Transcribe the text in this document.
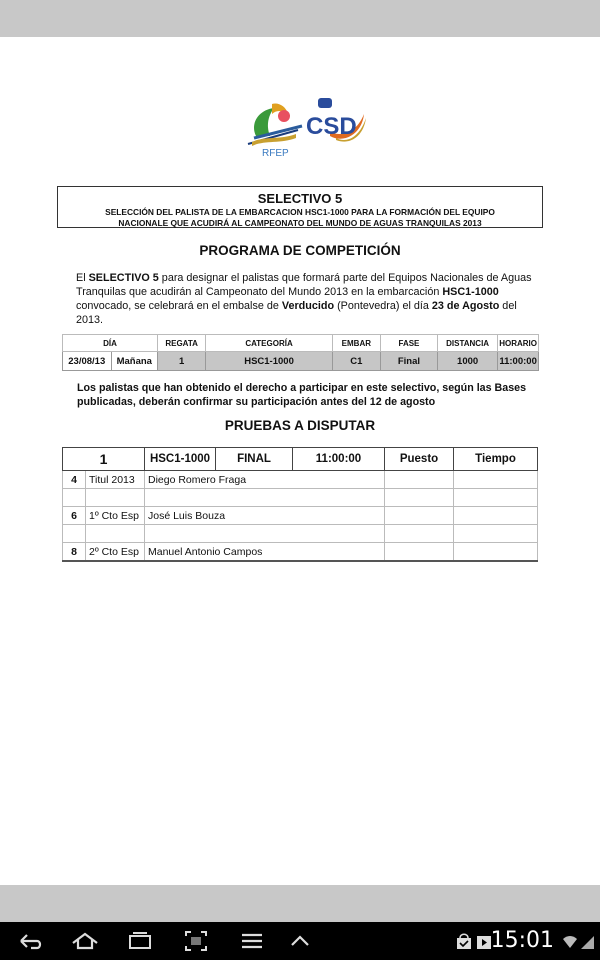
RFEP
CSD
SELECTIVO 5
SELECCIÓN DEL PALISTA DE LA EMBARCACION HSC1-1000 PARA LA FORMACIÓN DEL EQUIPO
NACIONALE QUE ACUDIRÁ AL CAMPEONATO DEL MUNDO DE AGUAS TRANQUILAS 2013
PROGRAMA DE COMPETICIÓN
El SELECTIVO 5 para designar el palistas que formará parte del Equipos Nacionales de Aguas Tranquilas que acudirán al Campeonato del Mundo 2013 en la embarcación HSC1-1000 convocado, se celebrará en el embalse de Verducido (Pontevedra) el día 23 de Agosto del 2013.
DÍA		REGATA	CATEGORÍA	EMBAR	FASE	DISTANCIA	HORARIO
23/08/13	Mañana	1	HSC1-1000	C1	Final	1000	11:00:00
Los palistas que han obtenido el derecho a participar en este selectivo, según las Bases publicadas, deberán confirmar su participación antes del 12 de agosto
PRUEBAS A DISPUTAR
1		HSC1-1000	FINAL	11:00:00	Puesto	Tiempo
4	Titul 2013	Diego Romero Fraga				

6	1º Cto Esp	José Luis Bouza				

8	2º Cto Esp	Manuel Antonio Campos				
15:01
